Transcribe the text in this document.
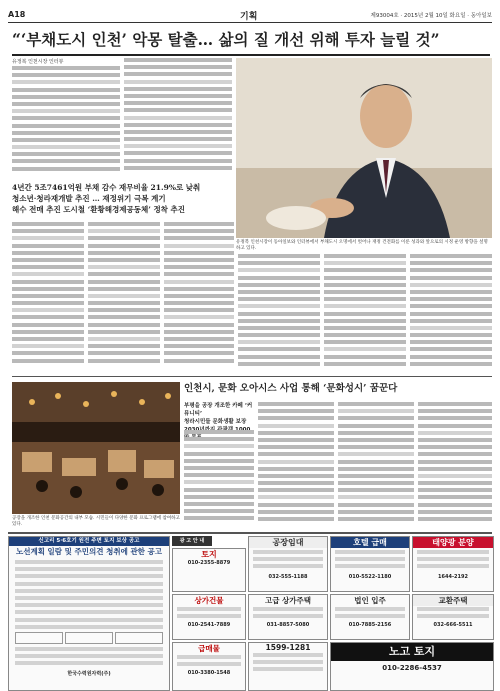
A18	기획	제93004호 · 2015년 2월 10일 화요일 · 동아일보
“‘부채도시 인천’ 악몽 탈출… 삶의 질 개선 위해 투자 늘릴 것”
유정복 인천시장 인터뷰
4년간 5조7461억원 부채 감수 재무비율 21.9%로 낮춰
청소년·청라재개발 추진 … 재정위기 극복 계기
해수 전매 추진 도시철 ‘환황해경제공동체’ 정착 추진
유정복 인천시장이 동아일보와 인터뷰에서 부채도시 오명에서 벗어나 재정 건전화를 이룬 성과와 앞으로의 시정 운영 방향을 설명하고 있다.
인천시, 문화 오아시스 사업 통해 ‘문화성시’ 꿈꾼다
공장을 개조한 인천 문화공간의 내부 모습. 시민들이 다양한 문화 프로그램에 참여하고 있다.
부평을 공장 개조한 카페 ‘커뮤니티’
청라시민들 문화생활 보장
신고리 5·6호기 원전 주변 토지 보상 공고
노선계획 일람 및 주민의견 청취에 관한 공고
한국수력원자력(주)
광 고 안 내
토지
010-2355-8879
공장임대
032-555-1188
호텔 급매
010-5522-1180
태양광 분양
1644-2192
상가건물
010-2541-7889
고급 상가주택
031-8857-5080
법인 입주
010-7885-2156
교환주택
032-666-5511
급매물
010-3380-1548
1599-1281	노고 토지
010-2286-4537
